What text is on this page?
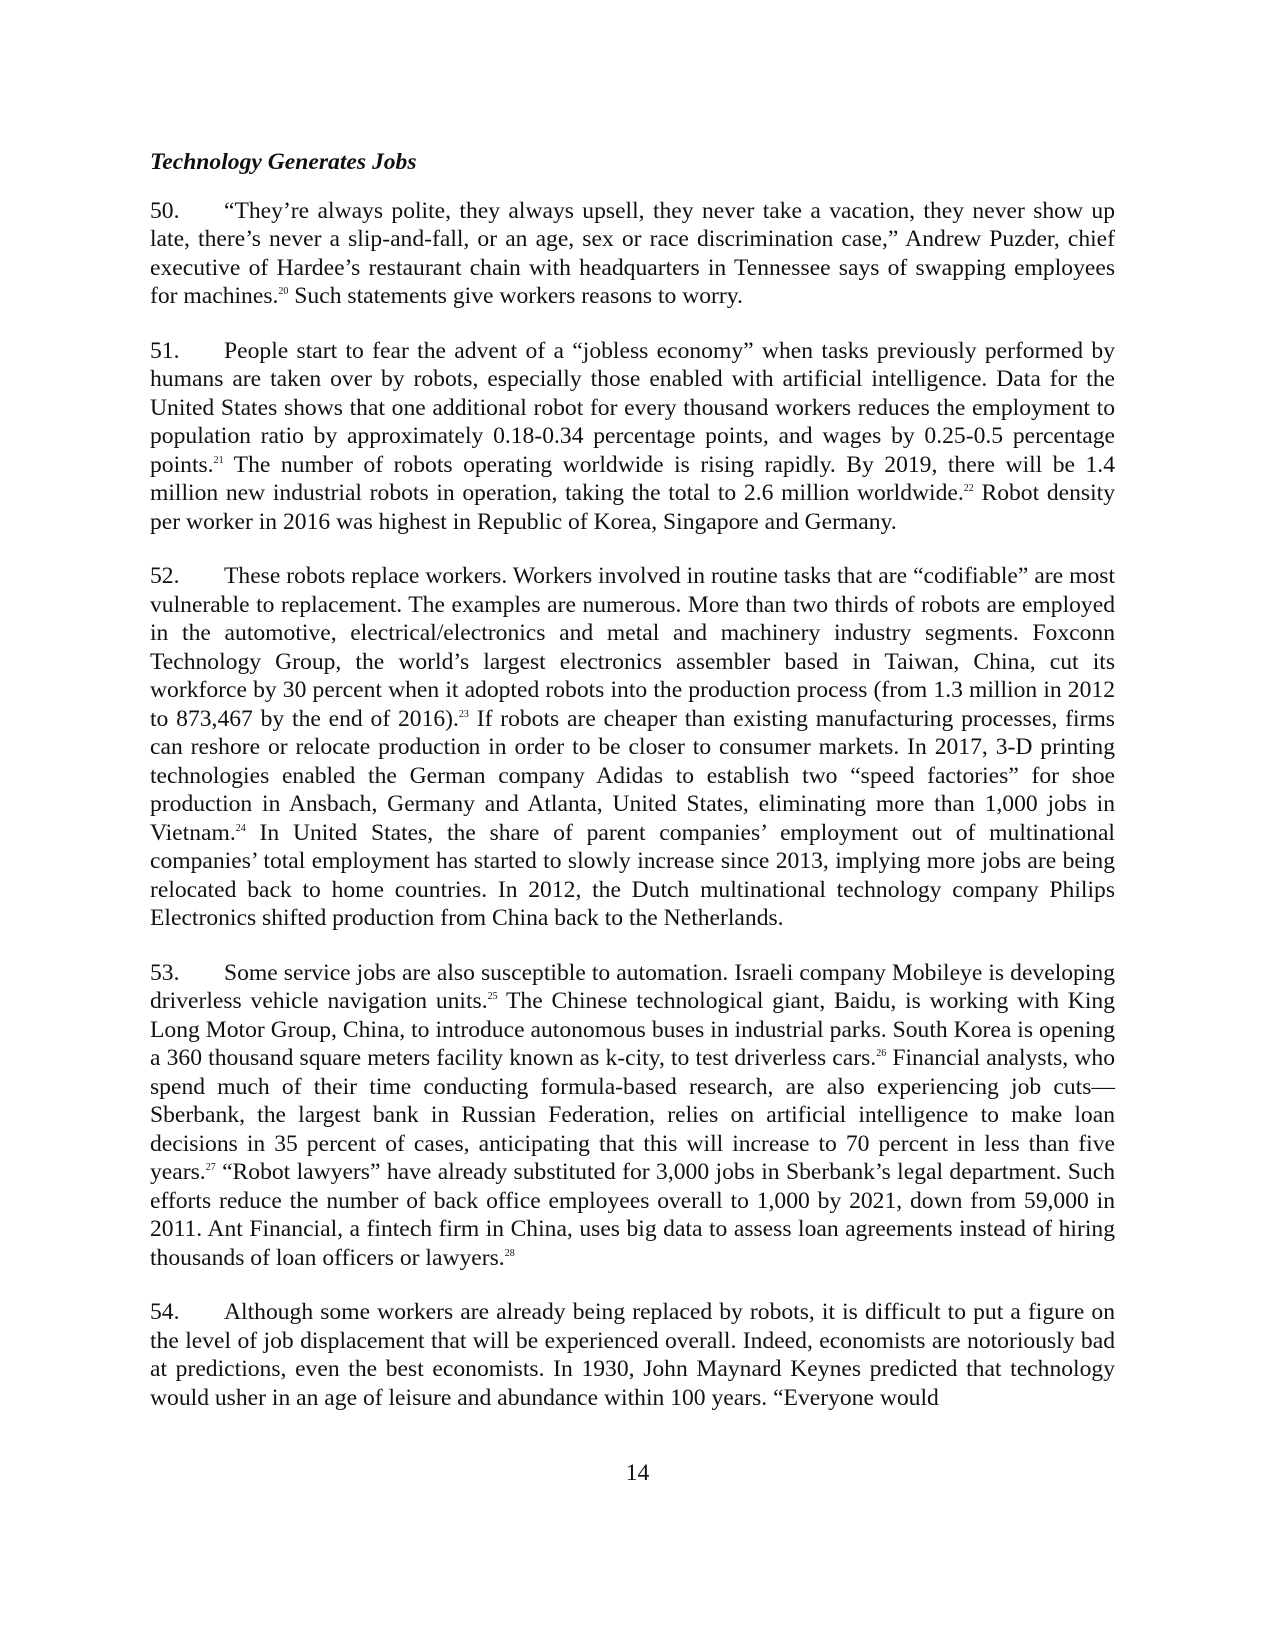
Technology Generates Jobs

50. “They’re always polite, they always upsell, they never take a vacation, they never show up late, there’s never a slip-and-fall, or an age, sex or race discrimination case,” Andrew Puzder, chief executive of Hardee’s restaurant chain with headquarters in Tennessee says of swapping employees for machines.$^{20}$ Such statements give workers reasons to worry.

51. People start to fear the advent of a “jobless economy” when tasks previously performed by humans are taken over by robots, especially those enabled with artificial intelligence. Data for the United States shows that one additional robot for every thousand workers reduces the employment to population ratio by approximately 0.18-0.34 percentage points, and wages by 0.25-0.5 percentage points.$^{21}$ The number of robots operating worldwide is rising rapidly. By 2019, there will be 1.4 million new industrial robots in operation, taking the total to 2.6 million worldwide.$^{22}$ Robot density per worker in 2016 was highest in Republic of Korea, Singapore and Germany.

52. These robots replace workers. Workers involved in routine tasks that are “codifiable” are most vulnerable to replacement. The examples are numerous. More than two thirds of robots are employed in the automotive, electrical/electronics and metal and machinery industry segments. Foxconn Technology Group, the world’s largest electronics assembler based in Taiwan, China, cut its workforce by 30 percent when it adopted robots into the production process (from 1.3 million in 2012 to 873,467 by the end of 2016).$^{23}$ If robots are cheaper than existing manufacturing processes, firms can reshore or relocate production in order to be closer to consumer markets. In 2017, 3-D printing technologies enabled the German company Adidas to establish two “speed factories” for shoe production in Ansbach, Germany and Atlanta, United States, eliminating more than 1,000 jobs in Vietnam.$^{24}$ In United States, the share of parent companies’ employment out of multinational companies’ total employment has started to slowly increase since 2013, implying more jobs are being relocated back to home countries. In 2012, the Dutch multinational technology company Philips Electronics shifted production from China back to the Netherlands.

53. Some service jobs are also susceptible to automation. Israeli company Mobileye is developing driverless vehicle navigation units.$^{25}$ The Chinese technological giant, Baidu, is working with King Long Motor Group, China, to introduce autonomous buses in industrial parks. South Korea is opening a 360 thousand square meters facility known as k-city, to test driverless cars.$^{26}$ Financial analysts, who spend much of their time conducting formula-based research, are also experiencing job cuts—Sberbank, the largest bank in Russian Federation, relies on artificial intelligence to make loan decisions in 35 percent of cases, anticipating that this will increase to 70 percent in less than five years.$^{27}$ “Robot lawyers” have already substituted for 3,000 jobs in Sberbank’s legal department. Such efforts reduce the number of back office employees overall to 1,000 by 2021, down from 59,000 in 2011. Ant Financial, a fintech firm in China, uses big data to assess loan agreements instead of hiring thousands of loan officers or lawyers.$^{28}$

54. Although some workers are already being replaced by robots, it is difficult to put a figure on the level of job displacement that will be experienced overall. Indeed, economists are notoriously bad at predictions, even the best economists. In 1930, John Maynard Keynes predicted that technology would usher in an age of leisure and abundance within 100 years. “Everyone would

14
